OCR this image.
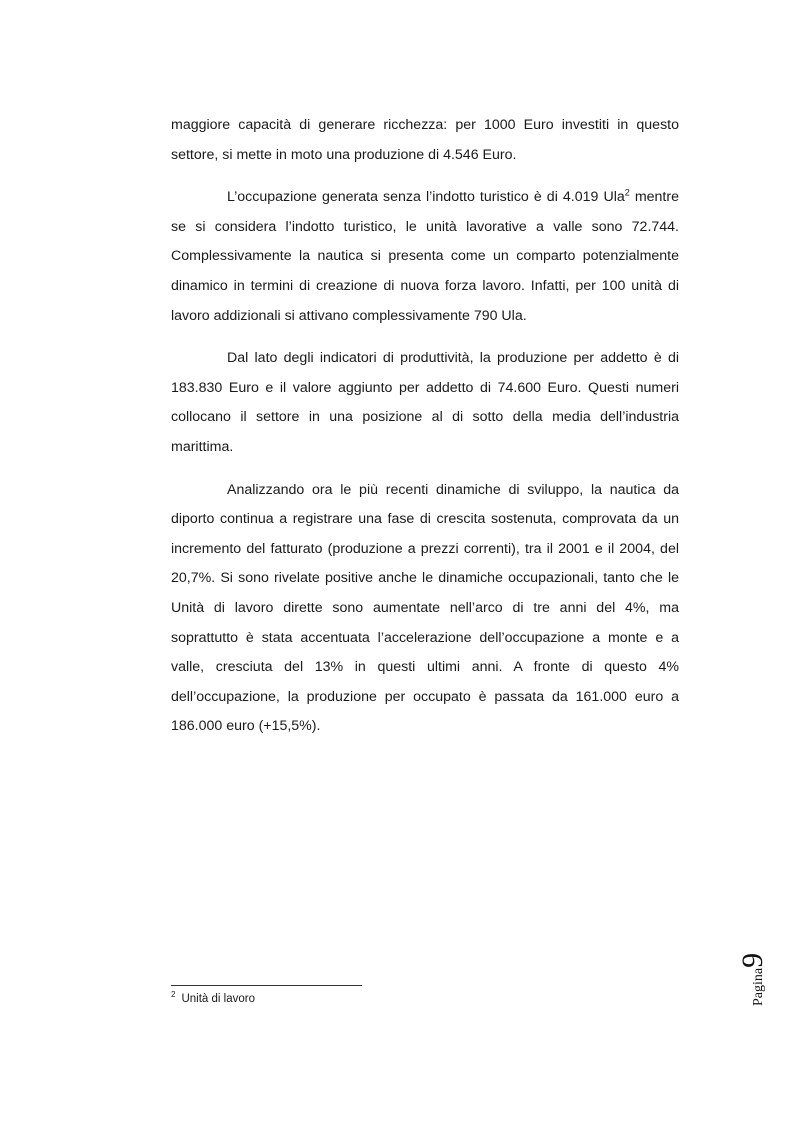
maggiore capacità di generare ricchezza: per 1000 Euro investiti in questo settore, si mette in moto una produzione di 4.546 Euro.

L’occupazione generata senza l’indotto turistico è di 4.019 Ula$^2$ mentre se si considera l’indotto turistico, le unità lavorative a valle sono 72.744. Complessivamente la nautica si presenta come un comparto potenzialmente dinamico in termini di creazione di nuova forza lavoro. Infatti, per 100 unità di lavoro addizionali si attivano complessivamente 790 Ula.

Dal lato degli indicatori di produttività, la produzione per addetto è di 183.830 Euro e il valore aggiunto per addetto di 74.600 Euro. Questi numeri collocano il settore in una posizione al di sotto della media dell’industria marittima.

Analizzando ora le più recenti dinamiche di sviluppo, la nautica da diporto continua a registrare una fase di crescita sostenuta, comprovata da un incremento del fatturato (produzione a prezzi correnti), tra il 2001 e il 2004, del 20,7%. Si sono rivelate positive anche le dinamiche occupazionali, tanto che le Unità di lavoro dirette sono aumentate nell’arco di tre anni del 4%, ma soprattutto è stata accentuata l’accelerazione dell’occupazione a monte e a valle, cresciuta del 13% in questi ultimi anni. A fronte di questo 4% dell’occupazione, la produzione per occupato è passata da 161.000 euro a 186.000 euro (+15,5%).

$^2$ Unità di lavoro	Pagina9
